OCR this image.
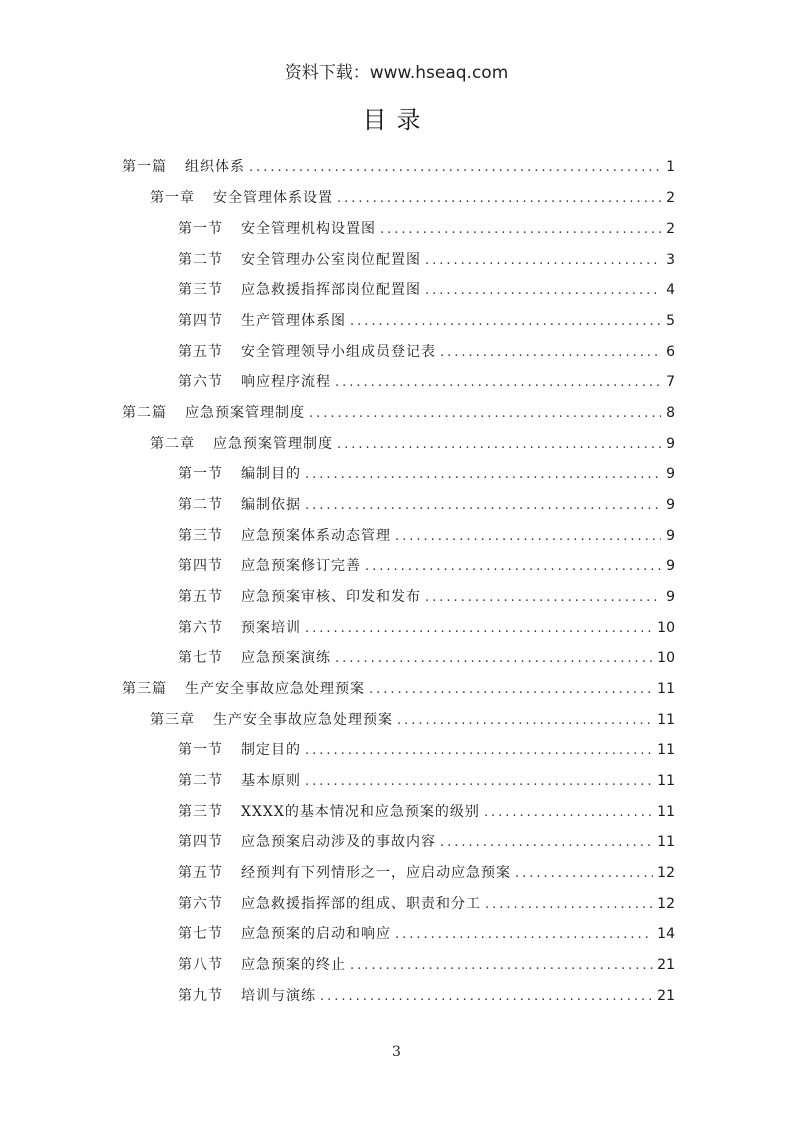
资料下载：www.hseaq.com
目录
第一篇 组织体系 .....	1
第一章 安全管理体系设置 .....	2
第一节 安全管理机构设置图 .....	2
第二节 安全管理办公室岗位配置图 .....	3
第三节 应急救援指挥部岗位配置图 .....	4
第四节 生产管理体系图 .....	5
第五节 安全管理领导小组成员登记表 .....	6
第六节 响应程序流程 .....	7
第二篇 应急预案管理制度 .....	8
第二章 应急预案管理制度 .....	9
第一节 编制目的 .....	9
第二节 编制依据 .....	9
第三节 应急预案体系动态管理 .....	9
第四节 应急预案修订完善 .....	9
第五节 应急预案审核、印发和发布 .....	9
第六节 预案培训 .....	10
第七节 应急预案演练 .....	10
第三篇 生产安全事故应急处理预案 .....	11
第三章 生产安全事故应急处理预案 .....	11
第一节 制定目的 .....	11
第二节 基本原则 .....	11
第三节 XXXX的基本情况和应急预案的级别 .....	11
第四节 应急预案启动涉及的事故内容 .....	11
第五节 经预判有下列情形之一，应启动应急预案 .....	12
第六节 应急救援指挥部的组成、职责和分工 .....	12
第七节 应急预案的启动和响应 .....	14
第八节 应急预案的终止 .....	21
第九节 培训与演练 .....	21
3
